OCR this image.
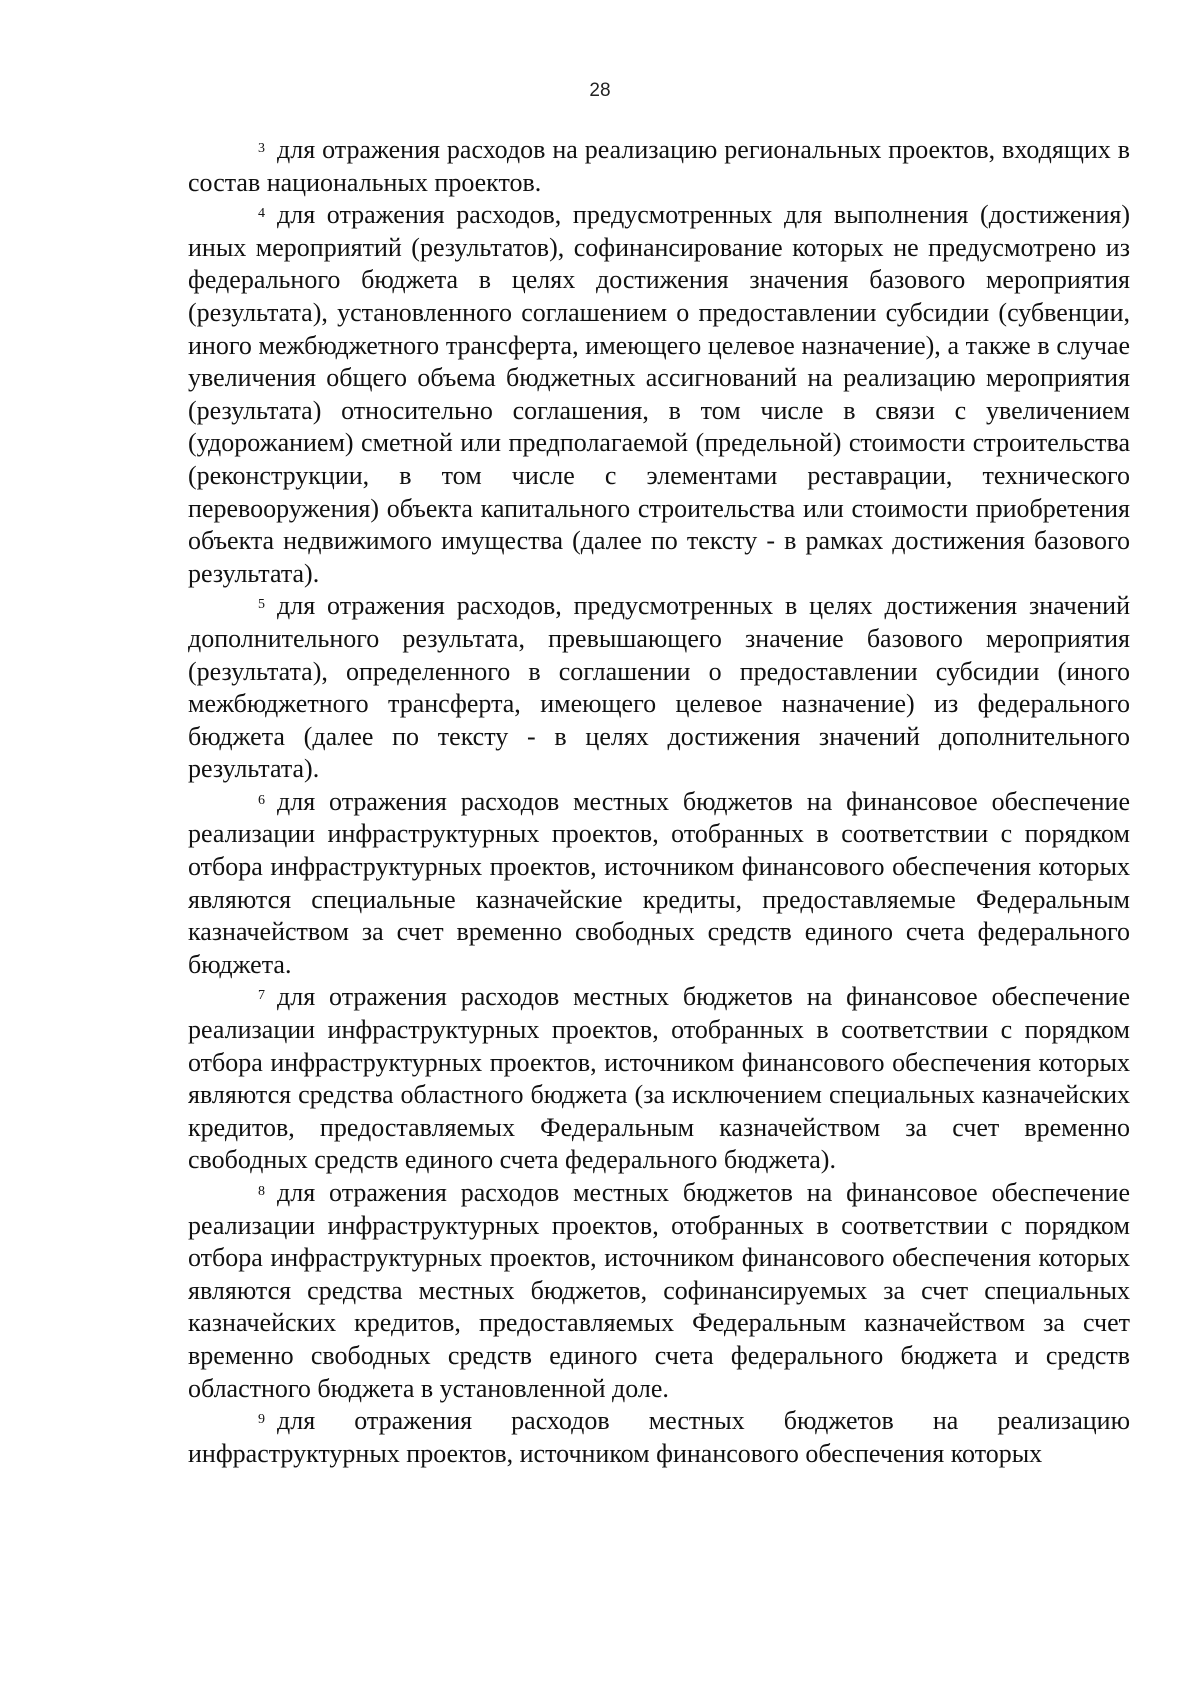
28

$^3$ для отражения расходов на реализацию региональных проектов, входящих в состав национальных проектов.

$^4$ для отражения расходов, предусмотренных для выполнения (достижения) иных мероприятий (результатов), софинансирование которых не предусмотрено из федерального бюджета в целях достижения значения базового мероприятия (результата), установленного соглашением о предоставлении субсидии (субвенции, иного межбюджетного трансферта, имеющего целевое назначение), а также в случае увеличения общего объема бюджетных ассигнований на реализацию мероприятия (результата) относительно соглашения, в том числе в связи с увеличением (удорожанием) сметной или предполагаемой (предельной) стоимости строительства (реконструкции, в том числе с элементами реставрации, технического перевооружения) объекта капитального строительства или стоимости приобретения объекта недвижимого имущества (далее по тексту - в рамках достижения базового результата).

$^5$ для отражения расходов, предусмотренных в целях достижения значений дополнительного результата, превышающего значение базового мероприятия (результата), определенного в соглашении о предоставлении субсидии (иного межбюджетного трансферта, имеющего целевое назначение) из федерального бюджета (далее по тексту - в целях достижения значений дополнительного результата).

$^6$ для отражения расходов местных бюджетов на финансовое обеспечение реализации инфраструктурных проектов, отобранных в соответствии с порядком отбора инфраструктурных проектов, источником финансового обеспечения которых являются специальные казначейские кредиты, предоставляемые Федеральным казначейством за счет временно свободных средств единого счета федерального бюджета.

$^7$ для отражения расходов местных бюджетов на финансовое обеспечение реализации инфраструктурных проектов, отобранных в соответствии с порядком отбора инфраструктурных проектов, источником финансового обеспечения которых являются средства областного бюджета (за исключением специальных казначейских кредитов, предоставляемых Федеральным казначейством за счет временно свободных средств единого счета федерального бюджета).

$^8$ для отражения расходов местных бюджетов на финансовое обеспечение реализации инфраструктурных проектов, отобранных в соответствии с порядком отбора инфраструктурных проектов, источником финансового обеспечения которых являются средства местных бюджетов, софинансируемых за счет специальных казначейских кредитов, предоставляемых Федеральным казначейством за счет временно свободных средств единого счета федерального бюджета и средств областного бюджета в установленной доле.

$^9$ для отражения расходов местных бюджетов на реализацию инфраструктурных проектов, источником финансового обеспечения которых
